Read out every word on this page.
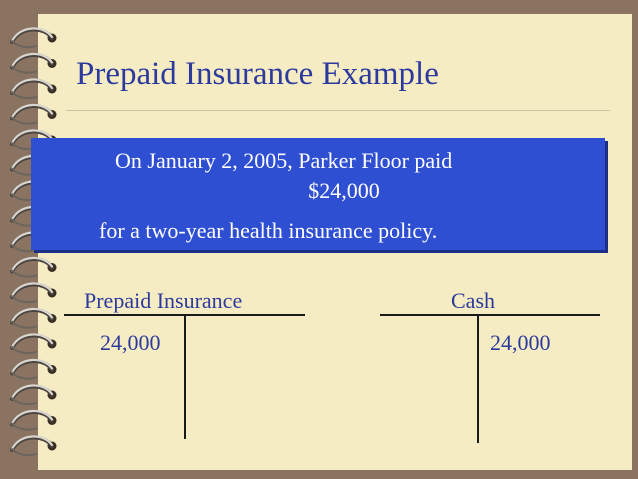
Prepaid Insurance Example
On January 2, 2005, Parker Floor paid
$24,000
for a two-year health insurance policy.
Prepaid Insurance
24,000
Cash
24,000
